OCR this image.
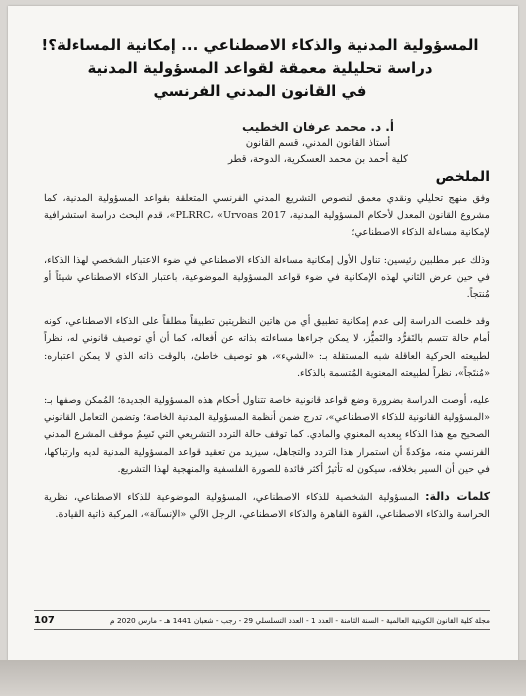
المسؤولية المدنية والذكاء الاصطناعي ... إمكانية المساءلة؟!
دراسة تحليلية معمقة لقواعد المسؤولية المدنية
في القانون المدني الفرنسي
أ. د. محمد عرفان الخطيب
أستاذ القانون المدني، قسم القانون
كلية أحمد بن محمد العسكرية، الدوحة، قطر
الملخص

وفق منهج تحليلي ونقدي معمق لنصوص التشريع المدني الفرنسي المتعلقة بقواعد المسؤولية المدنية، كما مشروع القانون المعدل لأحكام المسؤولية المدنية، PLRRC، «Urvoas 2017»، قدم البحث دراسة استشرافية لإمكانية مساءلة الذكاء الاصطناعي؛

وذلك عبر مطلبين رئيسين: تناول الأول إمكانية مساءلة الذكاء الاصطناعي في ضوء الاعتبار الشخصي لهذا الذكاء، في حين عرض الثاني لهذه الإمكانية في ضوء قواعد المسؤولية الموضوعية، باعتبار الذكاء الاصطناعي شيئاً أو مُنتجاً.

وقد خلصت الدراسة إلى عدم إمكانية تطبيق أي من هاتين النظريتين تطبيقاً مطلقاً على الذكاء الاصطناعي، كونه أمام حالة تتسم بالتَفرُّد والتَميُّز، لا يمكن جراءها مساءلته بذاته عن أفعاله، كما أن أي توصيف قانوني له، نظراً لطبيعته الحركية العاقلة شبه المستقلة بـ: «الشيء»، هو توصيف خاطئ، بالوقت ذاته الذي لا يمكن اعتباره: «مُنتَجاً»، نظراً لطبيعته المعنوية المُتسمة بالذكاء.

عليه، أوصت الدراسة بضرورة وضع قواعد قانونية خاصة تتناول أحكام هذه المسؤولية الجديدة؛ المُمكن وصفها بـ: «المسؤولية القانونية للذكاء الاصطناعي»، تدرج ضمن أنظمة المسؤولية المدنية الخاصة؛ وتضمن التعامل القانوني الصحيح مع هذا الذكاء بِبعديه المعنوي والمادي. كما توقف حالة التردد التشريعي التي تَسِمُ موقف المشرع المدني الفرنسي منه، مؤكدةً أن استمرار هذا التردد والتجاهل، سيزيد من تعقيد قواعد المسؤولية المدنية لديه وارتباكها، في حين أن السير بخلافه، سيكون له تأثيرٌ أكثر فائدة للصورة الفلسفية والمنهجية لهذا التشريع.

كلمات دالة: المسؤولية الشخصية للذكاء الاصطناعي، المسؤولية الموضوعية للذكاء الاصطناعي، نظرية الحراسة والذكاء الاصطناعي، القوة القاهرة والذكاء الاصطناعي، الرجل الآلي «الإنسآلة»، المركبة ذاتية القيادة.

مجلة كلية القانون الكويتية العالمية - السنة الثامنة - العدد 1 - العدد التسلسلي 29 - رجب - شعبان 1441 هـ - مارس 2020 م
107
